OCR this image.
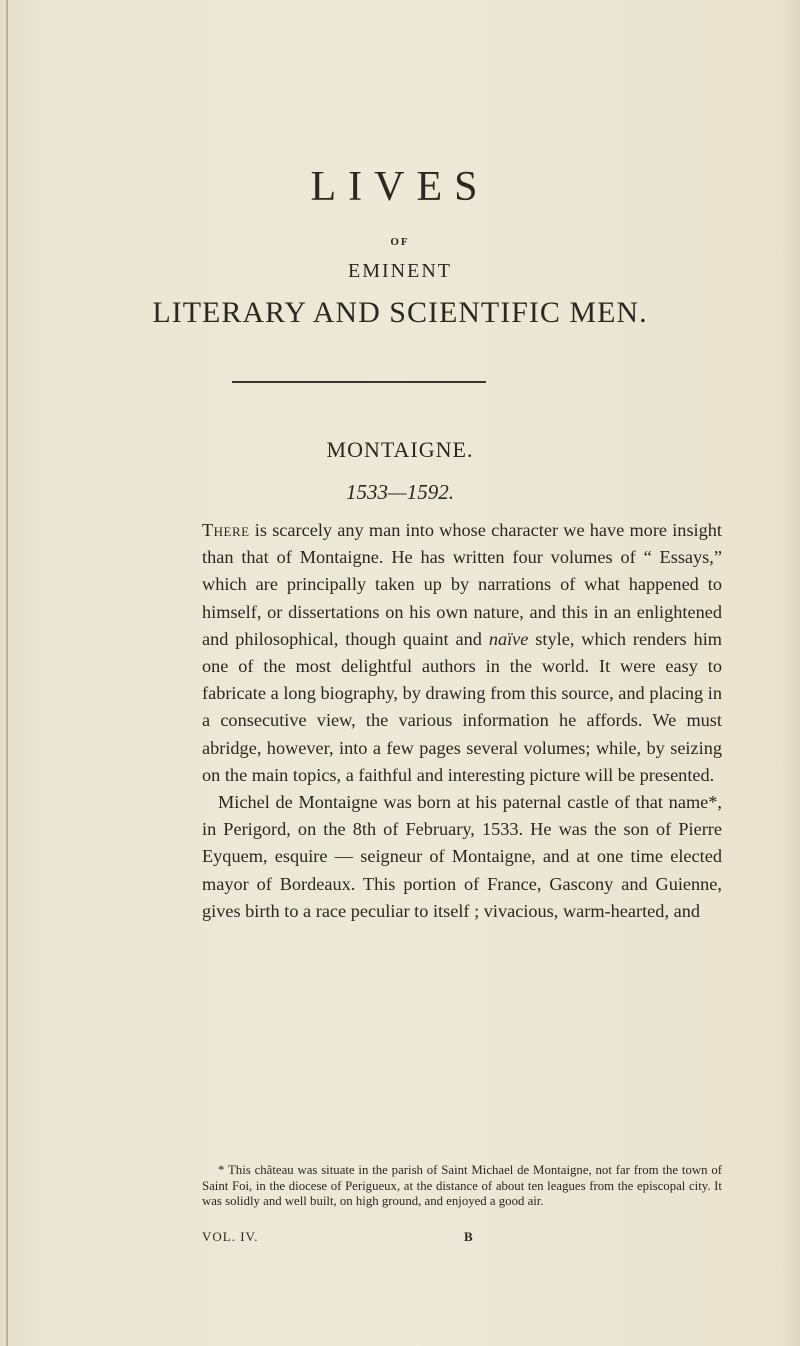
LIVES
OF
EMINENT
LITERARY AND SCIENTIFIC MEN.
MONTAIGNE.
1533—1592.

There is scarcely any man into whose character we have more insight than that of Montaigne. He has written four volumes of “ Essays,” which are principally taken up by narrations of what happened to himself, or dissertations on his own nature, and this in an enlightened and philosophical, though quaint and naïve style, which renders him one of the most delightful authors in the world. It were easy to fabricate a long biography, by drawing from this source, and placing in a consecutive view, the various information he affords. We must abridge, however, into a few pages several volumes; while, by seizing on the main topics, a faithful and interesting picture will be presented.

Michel de Montaigne was born at his paternal castle of that name*, in Perigord, on the 8th of February, 1533. He was the son of Pierre Eyquem, esquire — seigneur of Montaigne, and at one time elected mayor of Bordeaux. This portion of France, Gascony and Guienne, gives birth to a race peculiar to itself ; vivacious, warm-hearted, and

* This château was situate in the parish of Saint Michael de Montaigne, not far from the town of Saint Foi, in the diocese of Perigueux, at the distance of about ten leagues from the episcopal city. It was solidly and well built, on high ground, and enjoyed a good air.

VOL. IV.	B
